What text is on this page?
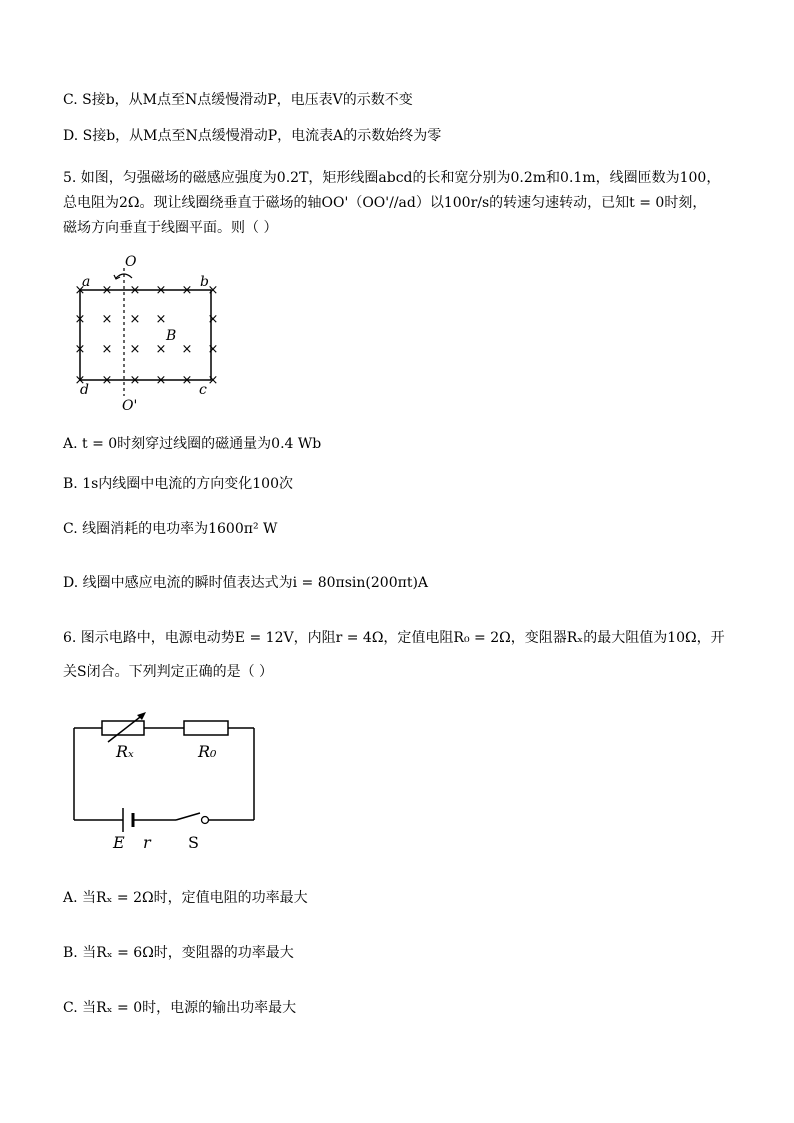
C. S接b，从M点至N点缓慢滑动P，电压表V的示数不变
D. S接b，从M点至N点缓慢滑动P，电流表A的示数始终为零
5. 如图，匀强磁场的磁感应强度为0.2T，矩形线圈abcd的长和宽分别为0.2m和0.1m，线圈匝数为100，
总电阻为2Ω。现让线圈绕垂直于磁场的轴OO'（OO'//ad）以100r/s的转速匀速转动，已知t = 0时刻，
磁场方向垂直于线圈平面。则（ ）
× × × × × ×
× × × ×	×
× × × × × ×
× × × × × ×
a	b
d	c
O
O'
B
A. t = 0时刻穿过线圈的磁通量为0.4 Wb
B. 1s内线圈中电流的方向变化100次
C. 线圈消耗的电功率为1600π² W
D. 线圈中感应电流的瞬时值表达式为i = 80πsin(200πt)A
6. 图示电路中，电源电动势E = 12V，内阻r = 4Ω，定值电阻R₀ = 2Ω，变阻器Rₓ的最大阻值为10Ω，开
关S闭合。下列判定正确的是（ ）
Rₓ	R₀
E r S
A. 当Rₓ = 2Ω时，定值电阻的功率最大
B. 当Rₓ = 6Ω时，变阻器的功率最大
C. 当Rₓ = 0时，电源的输出功率最大
